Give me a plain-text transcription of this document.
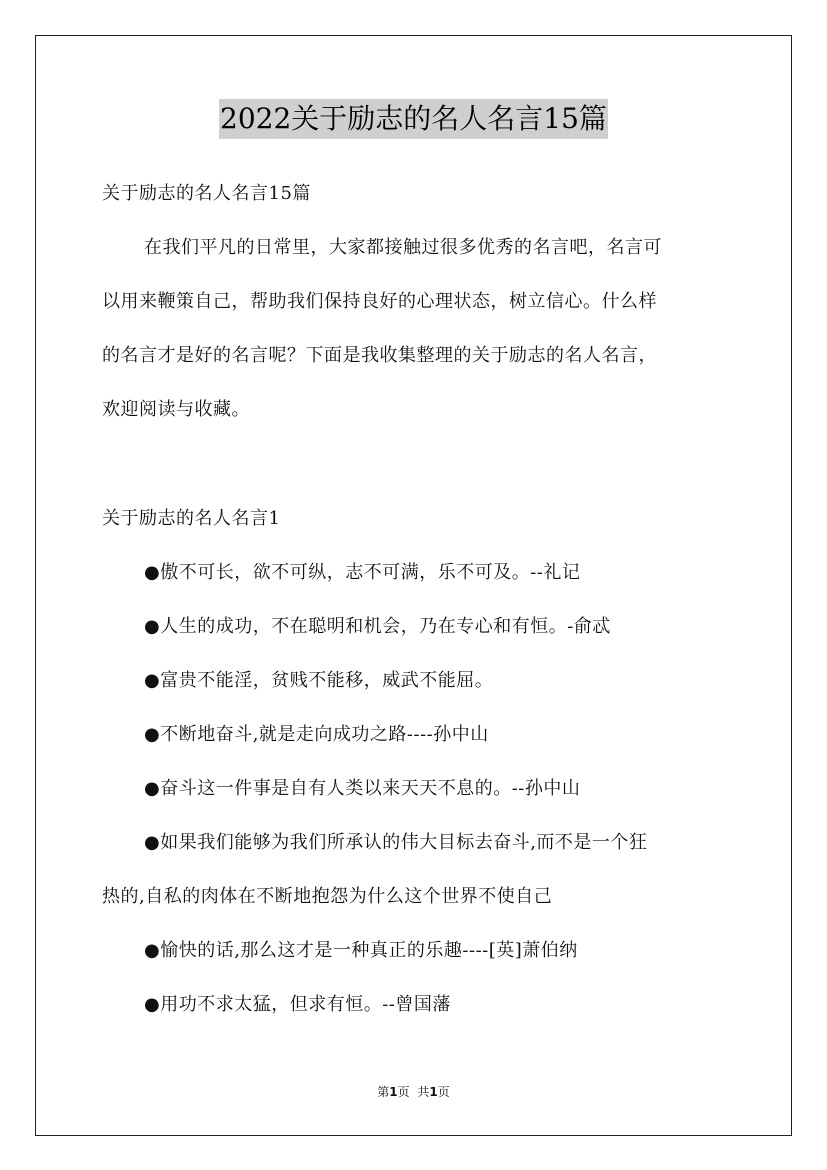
2022关于励志的名人名言15篇
关于励志的名人名言15篇
在我们平凡的日常里，大家都接触过很多优秀的名言吧，名言可
以用来鞭策自己，帮助我们保持良好的心理状态，树立信心。什么样
的名言才是好的名言呢？下面是我收集整理的关于励志的名人名言，
欢迎阅读与收藏。
关于励志的名人名言1
●傲不可长，欲不可纵，志不可满，乐不可及。--礼记
●人生的成功，不在聪明和机会，乃在专心和有恒。-俞忒
●富贵不能淫，贫贱不能移，威武不能屈。
●不断地奋斗,就是走向成功之路----孙中山
●奋斗这一件事是自有人类以来天天不息的。--孙中山
●如果我们能够为我们所承认的伟大目标去奋斗,而不是一个狂
热的,自私的肉体在不断地抱怨为什么这个世界不使自己
●愉快的话,那么这才是一种真正的乐趣----[英]萧伯纳
●用功不求太猛，但求有恒。--曾国藩
第1页 共1页
